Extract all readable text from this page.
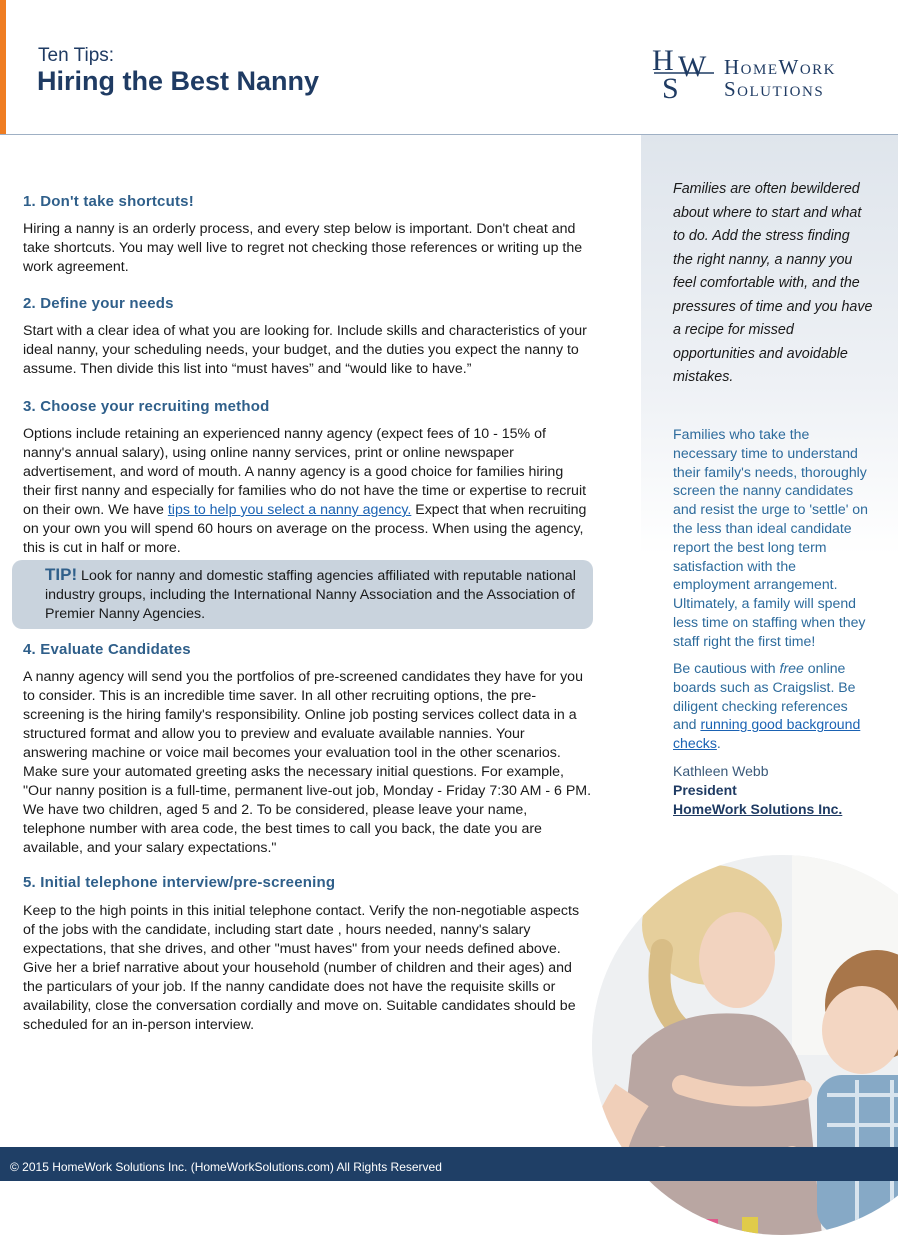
Ten Tips:
Hiring the Best Nanny
H
S
W HomeWork
Solutions
Families are often bewildered about where to start and what to do. Add the stress finding the right nanny, a nanny you feel comfortable with, and the pressures of time and you have a recipe for missed opportunities and avoidable mistakes.
Families who take the necessary time to understand their family's needs, thoroughly screen the nanny candidates and resist the urge to 'settle' on the less than ideal candidate report the best long term satisfaction with the employment arrangement. Ultimately, a family will spend less time on staffing when they staff right the first time!
Be cautious with free online boards such as Craigslist. Be diligent checking references and running good background checks.
Kathleen Webb
President
HomeWork Solutions Inc.
1. Don't take shortcuts!
Hiring a nanny is an orderly process, and every step below is important. Don't cheat and take shortcuts. You may well live to regret not checking those references or writing up the work agreement.
2. Define your needs
Start with a clear idea of what you are looking for. Include skills and characteristics of your ideal nanny, your scheduling needs, your budget, and the duties you expect the nanny to assume. Then divide this list into “must haves” and “would like to have.”
3. Choose your recruiting method
Options include retaining an experienced nanny agency (expect fees of 10 - 15% of nanny's annual salary), using online nanny services, print or online newspaper advertisement, and word of mouth. A nanny agency is a good choice for families hiring their first nanny and especially for families who do not have the time or expertise to recruit on their own. We have tips to help you select a nanny agency. Expect that when recruiting on your own you will spend 60 hours on average on the process. When using the agency, this is cut in half or more.
TIP! Look for nanny and domestic staffing agencies affiliated with reputable national industry groups, including the International Nanny Association and the Association of Premier Nanny Agencies.
4. Evaluate Candidates
A nanny agency will send you the portfolios of pre-screened candidates they have for you to consider. This is an incredible time saver. In all other recruiting options, the pre-screening is the hiring family's responsibility. Online job posting services collect data in a structured format and allow you to preview and evaluate available nannies. Your answering machine or voice mail becomes your evaluation tool in the other scenarios. Make sure your automated greeting asks the necessary initial questions. For example, "Our nanny position is a full-time, permanent live-out job, Monday - Friday 7:30 AM - 6 PM. We have two children, aged 5 and 2. To be considered, please leave your name, telephone number with area code, the best times to call you back, the date you are available, and your salary expectations."
5. Initial telephone interview/pre-screening
Keep to the high points in this initial telephone contact. Verify the non-negotiable aspects of the jobs with the candidate, including start date , hours needed, nanny's salary expectations, that she drives, and other "must haves" from your needs defined above. Give her a brief narrative about your household (number of children and their ages) and the particulars of your job. If the nanny candidate does not have the requisite skills or availability, close the conversation cordially and move on. Suitable candidates should be scheduled for an in-person interview.
© 2015 HomeWork Solutions Inc. (HomeWorkSolutions.com) All Rights Reserved
